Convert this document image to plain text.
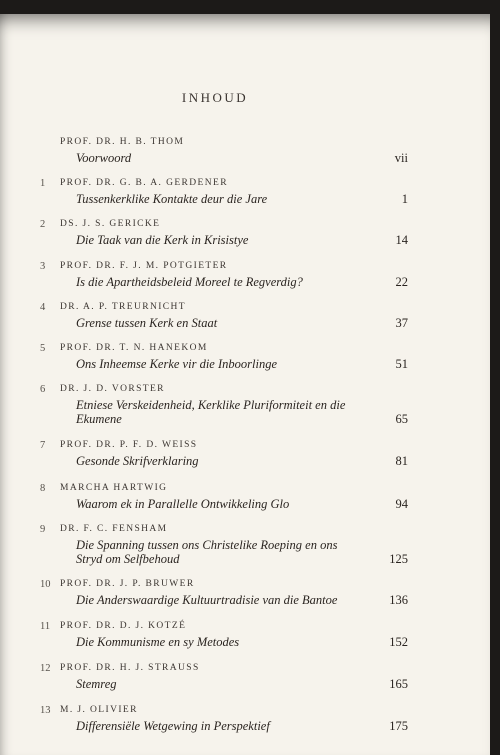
INHOUD
PROF. DR. H. B. THOM
Voorwoord	vii
1	PROF. DR. G. B. A. GERDENER
Tussenkerklike Kontakte deur die Jare	1
2	DS. J. S. GERICKE
Die Taak van die Kerk in Krisistye	14
3	PROF. DR. F. J. M. POTGIETER
Is die Apartheidsbeleid Moreel te Regverdig?	22
4	DR. A. P. TREURNICHT
Grense tussen Kerk en Staat	37
5	PROF. DR. T. N. HANEKOM
Ons Inheemse Kerke vir die Inboorlinge	51
6	DR. J. D. VORSTER
Etniese Verskeidenheid, Kerklike Pluriformiteit en die Ekumene	65
7	PROF. DR. P. F. D. WEISS
Gesonde Skrifverklaring	81
8	MARCHA HARTWIG
Waarom ek in Parallelle Ontwikkeling Glo	94
9	DR. F. C. FENSHAM
Die Spanning tussen ons Christelike Roeping en ons Stryd om Selfbehoud	125
10	PROF. DR. J. P. BRUWER
Die Anderswaardige Kultuurtradisie van die Bantoe	136
11	PROF. DR. D. J. KOTZÉ
Die Kommunisme en sy Metodes	152
12	PROF. DR. H. J. STRAUSS
Stemreg	165
13	M. J. OLIVIER
Differensiële Wetgewing in Perspektief	175
